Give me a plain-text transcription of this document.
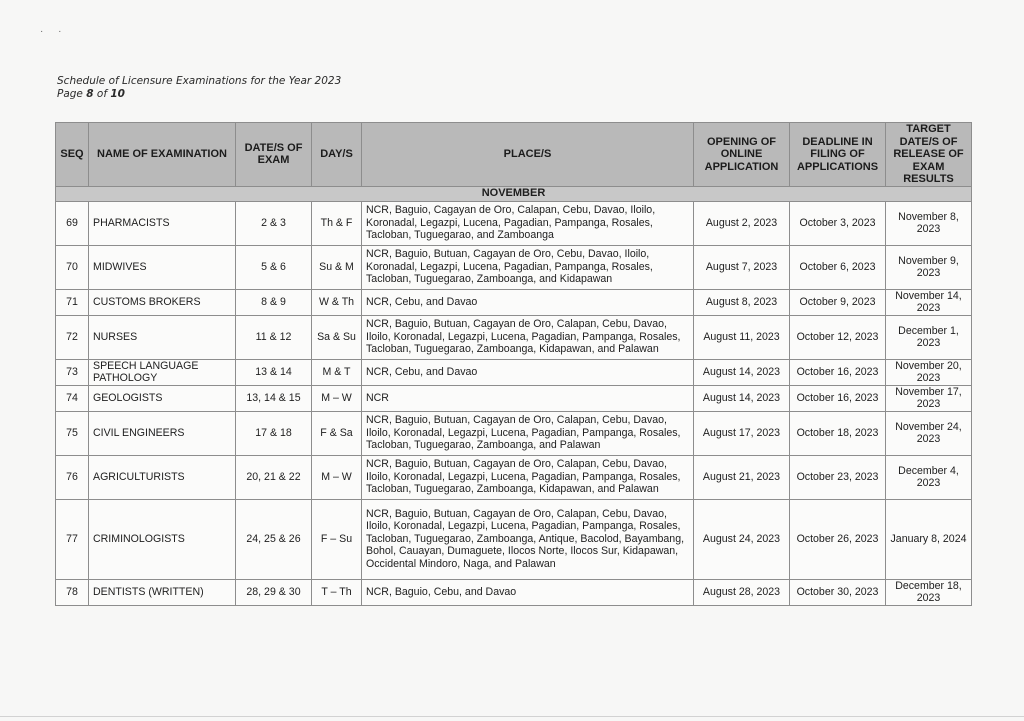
· ·
Schedule of Licensure Examinations for the Year 2023
Page 8 of 10
SEQ	NAME OF EXAMINATION	DATE/S OF EXAM	DAY/S	PLACE/S	OPENING OF ONLINE APPLICATION	DEADLINE IN FILING OF APPLICATIONS	TARGET DATE/S OF RELEASE OF EXAM RESULTS
NOVEMBER							
69	PHARMACISTS	2 & 3	Th & F	NCR, Baguio, Cagayan de Oro, Calapan, Cebu, Davao, Iloilo, Koronadal, Legazpi, Lucena, Pagadian, Pampanga, Rosales, Tacloban, Tuguegarao, and Zamboanga	August 2, 2023	October 3, 2023	November 8, 2023
70	MIDWIVES	5 & 6	Su & M	NCR, Baguio, Butuan, Cagayan de Oro, Cebu, Davao, Iloilo, Koronadal, Legazpi, Lucena, Pagadian, Pampanga, Rosales, Tacloban, Tuguegarao, Zamboanga, and Kidapawan	August 7, 2023	October 6, 2023	November 9, 2023
71	CUSTOMS BROKERS	8 & 9	W & Th	NCR, Cebu, and Davao	August 8, 2023	October 9, 2023	November 14, 2023
72	NURSES	11 & 12	Sa & Su	NCR, Baguio, Butuan, Cagayan de Oro, Calapan, Cebu, Davao, Iloilo, Koronadal, Legazpi, Lucena, Pagadian, Pampanga, Rosales, Tacloban, Tuguegarao, Zamboanga, Kidapawan, and Palawan	August 11, 2023	October 12, 2023	December 1, 2023
73	SPEECH LANGUAGE PATHOLOGY	13 & 14	M & T	NCR, Cebu, and Davao	August 14, 2023	October 16, 2023	November 20, 2023
74	GEOLOGISTS	13, 14 & 15	M – W	NCR	August 14, 2023	October 16, 2023	November 17, 2023
75	CIVIL ENGINEERS	17 & 18	F & Sa	NCR, Baguio, Butuan, Cagayan de Oro, Calapan, Cebu, Davao, Iloilo, Koronadal, Legazpi, Lucena, Pagadian, Pampanga, Rosales, Tacloban, Tuguegarao, Zamboanga, and Palawan	August 17, 2023	October 18, 2023	November 24, 2023
76	AGRICULTURISTS	20, 21 & 22	M – W	NCR, Baguio, Butuan, Cagayan de Oro, Calapan, Cebu, Davao, Iloilo, Koronadal, Legazpi, Lucena, Pagadian, Pampanga, Rosales, Tacloban, Tuguegarao, Zamboanga, Kidapawan, and Palawan	August 21, 2023	October 23, 2023	December 4, 2023
77	CRIMINOLOGISTS	24, 25 & 26	F – Su	NCR, Baguio, Butuan, Cagayan de Oro, Calapan, Cebu, Davao, Iloilo, Koronadal, Legazpi, Lucena, Pagadian, Pampanga, Rosales, Tacloban, Tuguegarao, Zamboanga, Antique, Bacolod, Bayambang, Bohol, Cauayan, Dumaguete, Ilocos Norte, Ilocos Sur, Kidapawan, Occidental Mindoro, Naga, and Palawan	August 24, 2023	October 26, 2023	January 8, 2024
78	DENTISTS (WRITTEN)	28, 29 & 30	T – Th	NCR, Baguio, Cebu, and Davao	August 28, 2023	October 30, 2023	December 18, 2023
